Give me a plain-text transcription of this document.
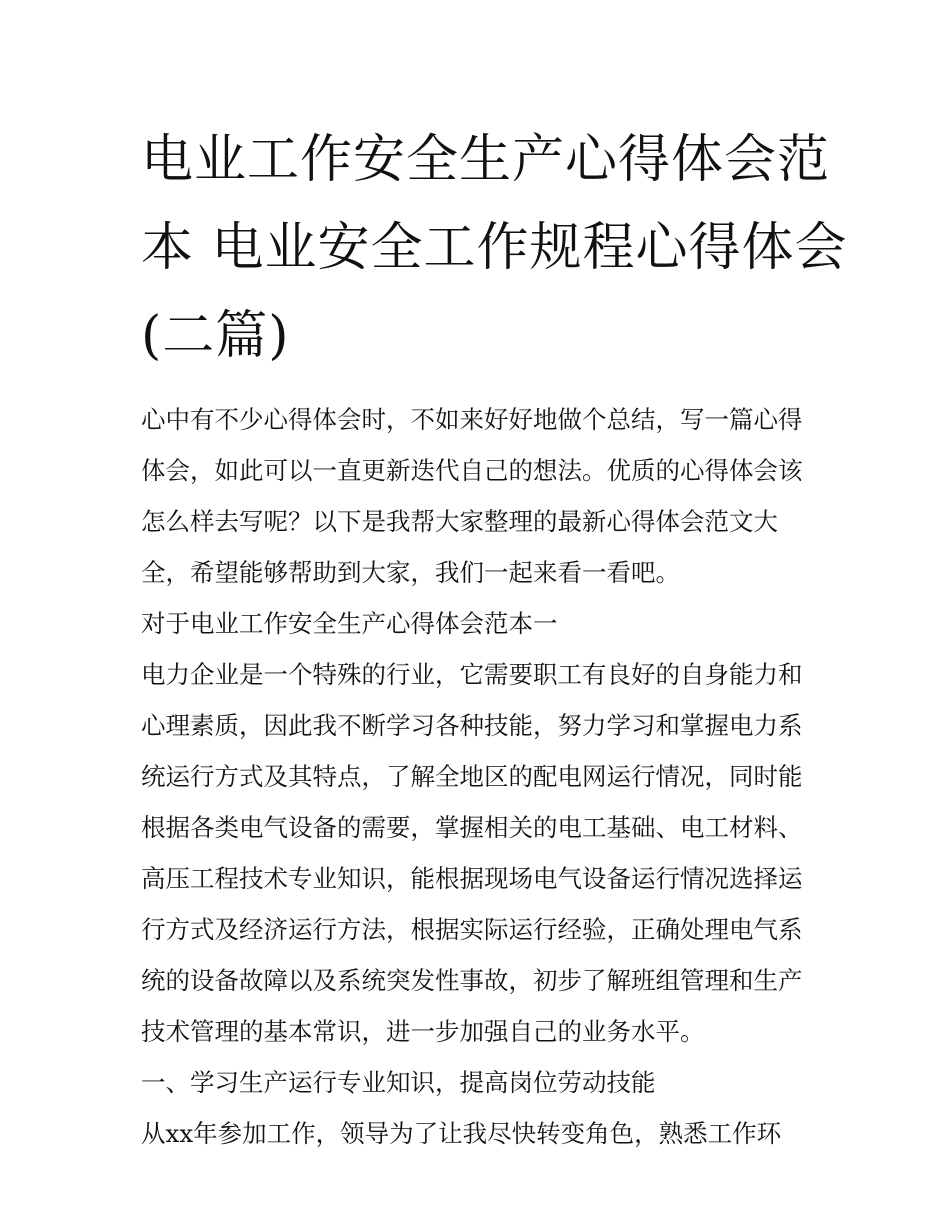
电业工作安全生产心得体会范
本 电业安全工作规程心得体会
(二篇)
心中有不少心得体会时，不如来好好地做个总结，写一篇心得
体会，如此可以一直更新迭代自己的想法。优质的心得体会该
怎么样去写呢？以下是我帮大家整理的最新心得体会范文大
全，希望能够帮助到大家，我们一起来看一看吧。
对于电业工作安全生产心得体会范本一
电力企业是一个特殊的行业，它需要职工有良好的自身能力和
心理素质，因此我不断学习各种技能，努力学习和掌握电力系
统运行方式及其特点，了解全地区的配电网运行情况，同时能
根据各类电气设备的需要，掌握相关的电工基础、电工材料、
高压工程技术专业知识，能根据现场电气设备运行情况选择运
行方式及经济运行方法，根据实际运行经验，正确处理电气系
统的设备故障以及系统突发性事故，初步了解班组管理和生产
技术管理的基本常识，进一步加强自己的业务水平。
一、学习生产运行专业知识，提高岗位劳动技能
从xx年参加工作，领导为了让我尽快转变角色，熟悉工作环
